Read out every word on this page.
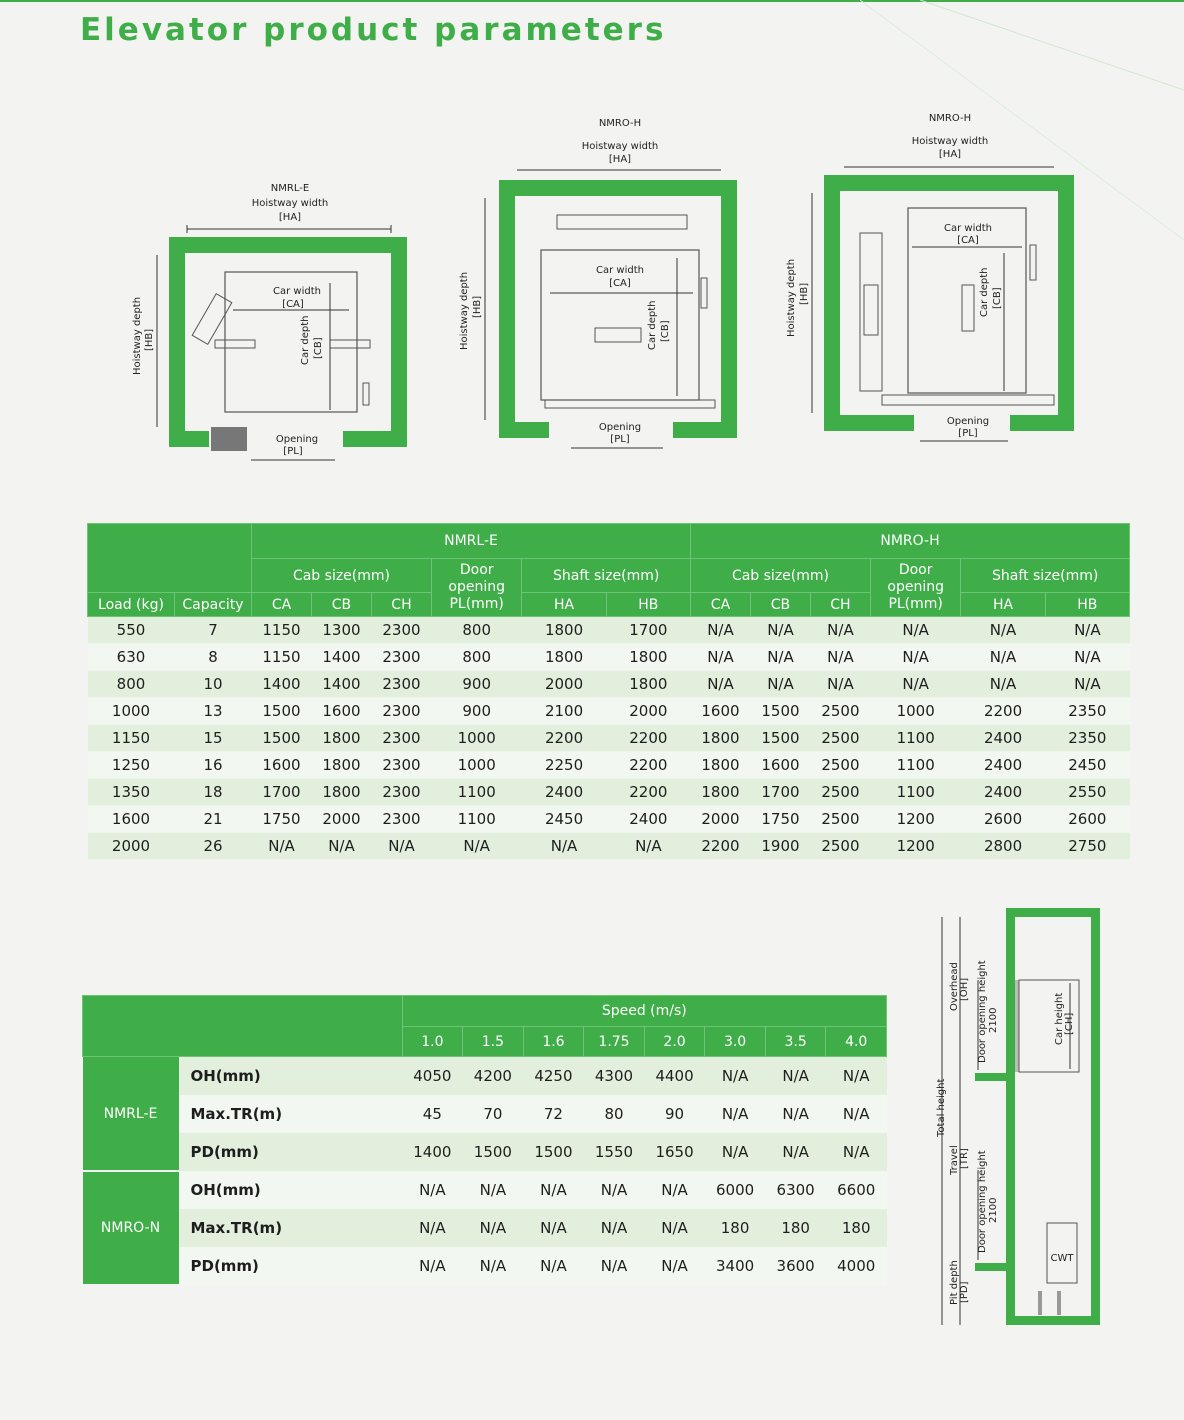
Elevator product parameters
NMRL-E
Hoistway width
[HA]
Car width
[CA]
Car depth [CB]
Hoistway depth [HB]
Opening
[PL]
NMRO-H
Hoistway width
[HA]
Car width
[CA]
Car depth [CB]
Hoistway depth [HB]
Opening
[PL]
NMRO-H
Hoistway width
[HA]
Car width
[CA]
Car depth [CB]
Hoistway depth [HB]
Opening
[PL]
		NMRL-E						NMRO-H					
		Cab size(mm)			Door
opening
PL(mm)	Shaft size(mm)		Cab size(mm)			Door
opening
PL(mm)	Shaft size(mm)	
Load (kg)	Capacity	CA	CB	CH		HA	HB	CA	CB	CH		HA	HB
550	7	1150	1300	2300	800	1800	1700	N/A	N/A	N/A	N/A	N/A	N/A
630	8	1150	1400	2300	800	1800	1800	N/A	N/A	N/A	N/A	N/A	N/A
800	10	1400	1400	2300	900	2000	1800	N/A	N/A	N/A	N/A	N/A	N/A
1000	13	1500	1600	2300	900	2100	2000	1600	1500	2500	1000	2200	2350
1150	15	1500	1800	2300	1000	2200	2200	1800	1500	2500	1100	2400	2350
1250	16	1600	1800	2300	1000	2250	2200	1800	1600	2500	1100	2400	2450
1350	18	1700	1800	2300	1100	2400	2200	1800	1700	2500	1100	2400	2550
1600	21	1750	2000	2300	1100	2450	2400	2000	1750	2500	1200	2600	2600
2000	26	N/A	N/A	N/A	N/A	N/A	N/A	2200	1900	2500	1200	2800	2750
		Speed (m/s)							
		1.0	1.5	1.6	1.75	2.0	3.0	3.5	4.0
NMRL-E	OH(mm)	4050	4200	4250	4300	4400	N/A	N/A	N/A
	Max.TR(m)	45	70	72	80	90	N/A	N/A	N/A
	PD(mm)	1400	1500	1500	1550	1650	N/A	N/A	N/A
NMRO-N	OH(mm)	N/A	N/A	N/A	N/A	N/A	6000	6300	6600
	Max.TR(m)	N/A	N/A	N/A	N/A	N/A	180	180	180
	PD(mm)	N/A	N/A	N/A	N/A	N/A	3400	3600	4000	CWT
Total height
Overhead [OH] Door opening height 2100	Car height [CH]
Travel [TR] Door opening height 2100
Pit depth [PD]
